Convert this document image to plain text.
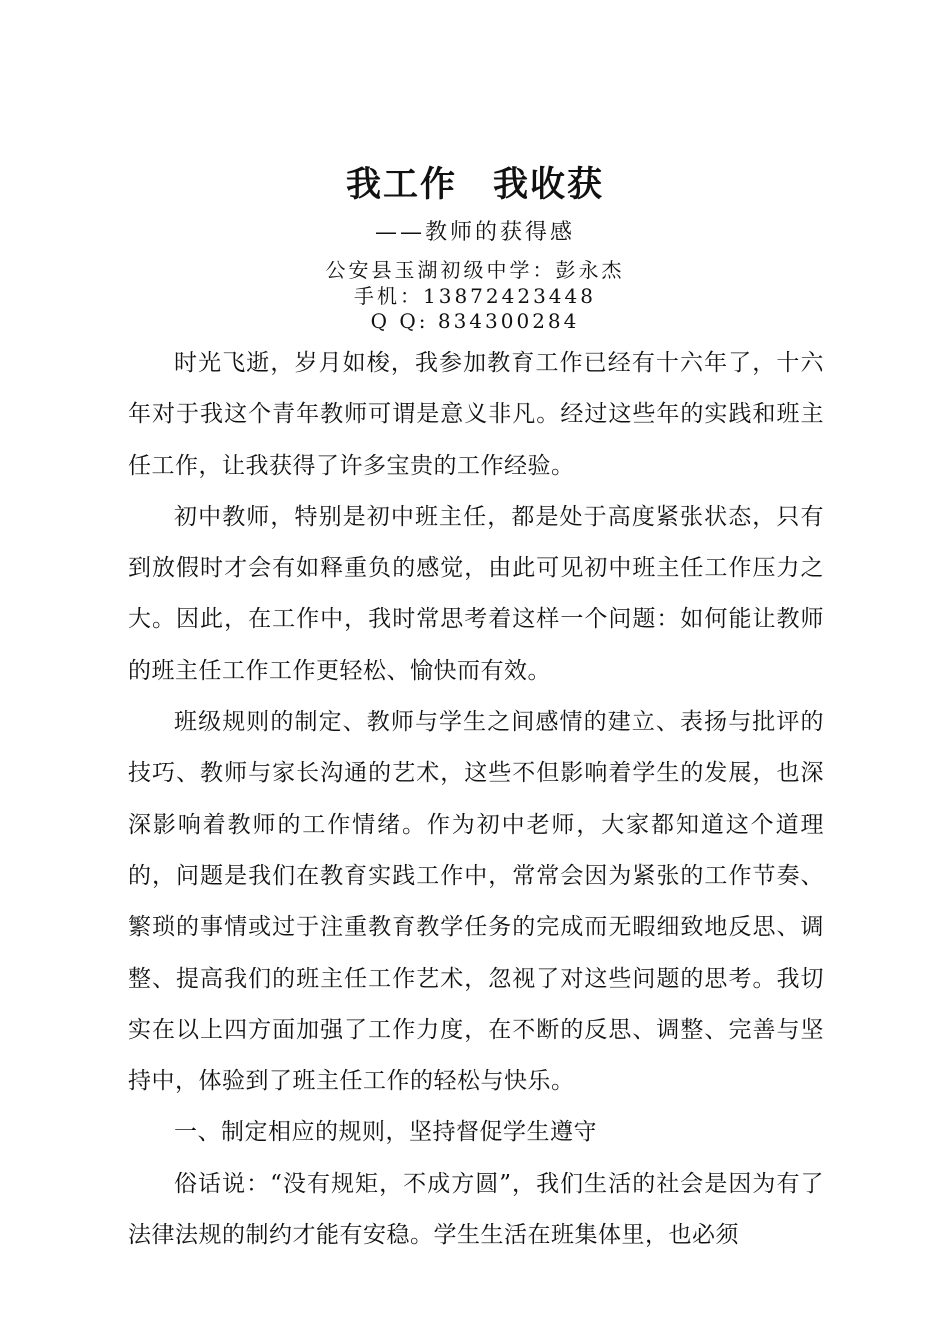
我工作 我收获
——教师的获得感
公安县玉湖初级中学：彭永杰
手机：13872423448
Q Q: 834300284

时光飞逝，岁月如梭，我参加教育工作已经有十六年了，十六年对于我这个青年教师可谓是意义非凡。经过这些年的实践和班主任工作，让我获得了许多宝贵的工作经验。

初中教师，特别是初中班主任，都是处于高度紧张状态，只有到放假时才会有如释重负的感觉，由此可见初中班主任工作压力之大。因此，在工作中，我时常思考着这样一个问题：如何能让教师的班主任工作工作更轻松、愉快而有效。

班级规则的制定、教师与学生之间感情的建立、表扬与批评的技巧、教师与家长沟通的艺术，这些不但影响着学生的发展，也深深影响着教师的工作情绪。作为初中老师，大家都知道这个道理的，问题是我们在教育实践工作中，常常会因为紧张的工作节奏、繁琐的事情或过于注重教育教学任务的完成而无暇细致地反思、调整、提高我们的班主任工作艺术，忽视了对这些问题的思考。我切实在以上四方面加强了工作力度，在不断的反思、调整、完善与坚持中，体验到了班主任工作的轻松与快乐。

一、制定相应的规则，坚持督促学生遵守

俗话说：“没有规矩，不成方圆”，我们生活的社会是因为有了法律法规的制约才能有安稳。学生生活在班集体里，也必须
